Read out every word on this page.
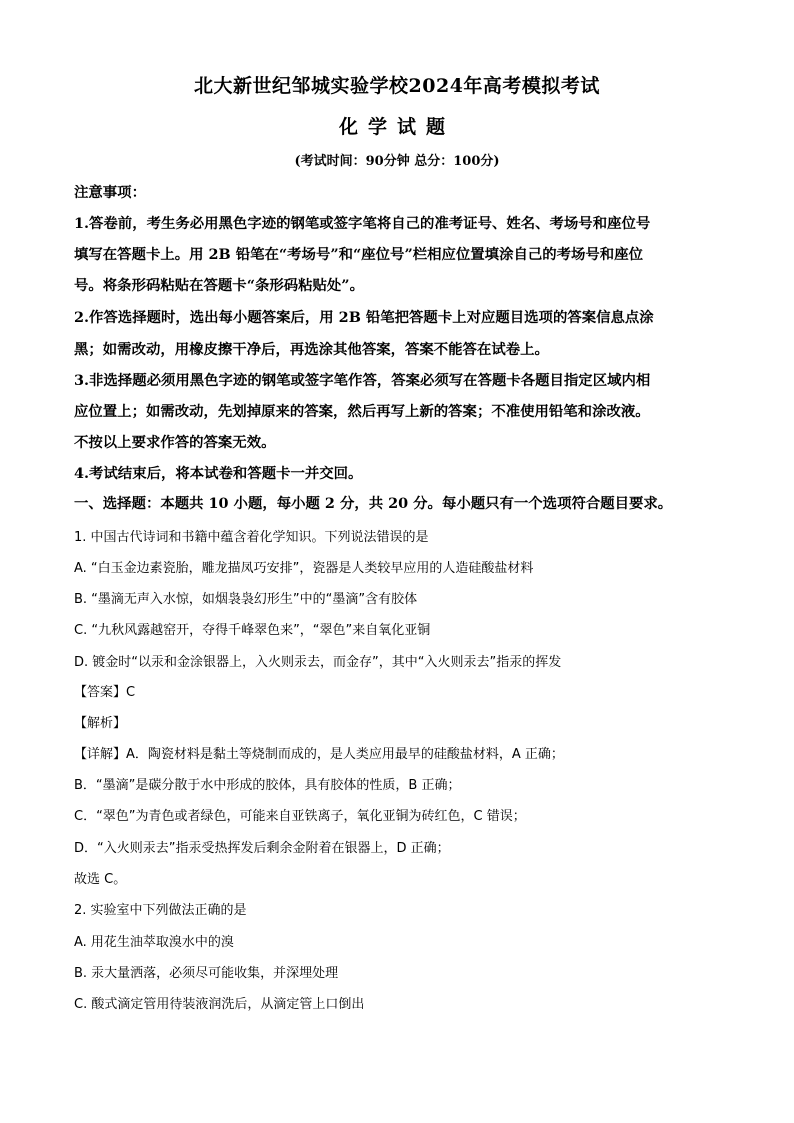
北大新世纪邹城实验学校2024年高考模拟考试
化学试题
(考试时间：90分钟 总分：100分)
注意事项：
1.答卷前，考生务必用黑色字迹的钢笔或签字笔将自己的准考证号、姓名、考场号和座位号
填写在答题卡上。用 2B 铅笔在“考场号”和“座位号”栏相应位置填涂自己的考场号和座位
号。将条形码粘贴在答题卡“条形码粘贴处”。
2.作答选择题时，选出每小题答案后，用 2B 铅笔把答题卡上对应题目选项的答案信息点涂
黑；如需改动，用橡皮擦干净后，再选涂其他答案，答案不能答在试卷上。
3.非选择题必须用黑色字迹的钢笔或签字笔作答，答案必须写在答题卡各题目指定区域内相
应位置上；如需改动，先划掉原来的答案，然后再写上新的答案；不准使用铅笔和涂改液。
不按以上要求作答的答案无效。
4.考试结束后，将本试卷和答题卡一并交回。
一、选择题：本题共 10 小题，每小题 2 分，共 20 分。每小题只有一个选项符合题目要求。
1. 中国古代诗词和书籍中蕴含着化学知识。下列说法错误的是
A. “白玉金边素瓷胎，雕龙描凤巧安排”，瓷器是人类较早应用的人造硅酸盐材料
B. “墨滴无声入水惊，如烟袅袅幻形生”中的“墨滴”含有胶体
C. “九秋风露越窑开，夺得千峰翠色来”，“翠色”来自氧化亚铜
D. 镀金时“以汞和金涂银器上，入火则汞去，而金存”，其中“入火则汞去”指汞的挥发
【答案】C
【解析】
【详解】A．陶瓷材料是黏土等烧制而成的，是人类应用最早的硅酸盐材料，A 正确；
B．“墨滴”是碳分散于水中形成的胶体，具有胶体的性质，B 正确；
C．“翠色”为青色或者绿色，可能来自亚铁离子，氧化亚铜为砖红色，C 错误；
D．“入火则汞去”指汞受热挥发后剩余金附着在银器上，D 正确；
故选 C。
2. 实验室中下列做法正确的是
A. 用花生油萃取溴水中的溴
B. 汞大量洒落，必须尽可能收集，并深埋处理
C. 酸式滴定管用待装液润洗后，从滴定管上口倒出
